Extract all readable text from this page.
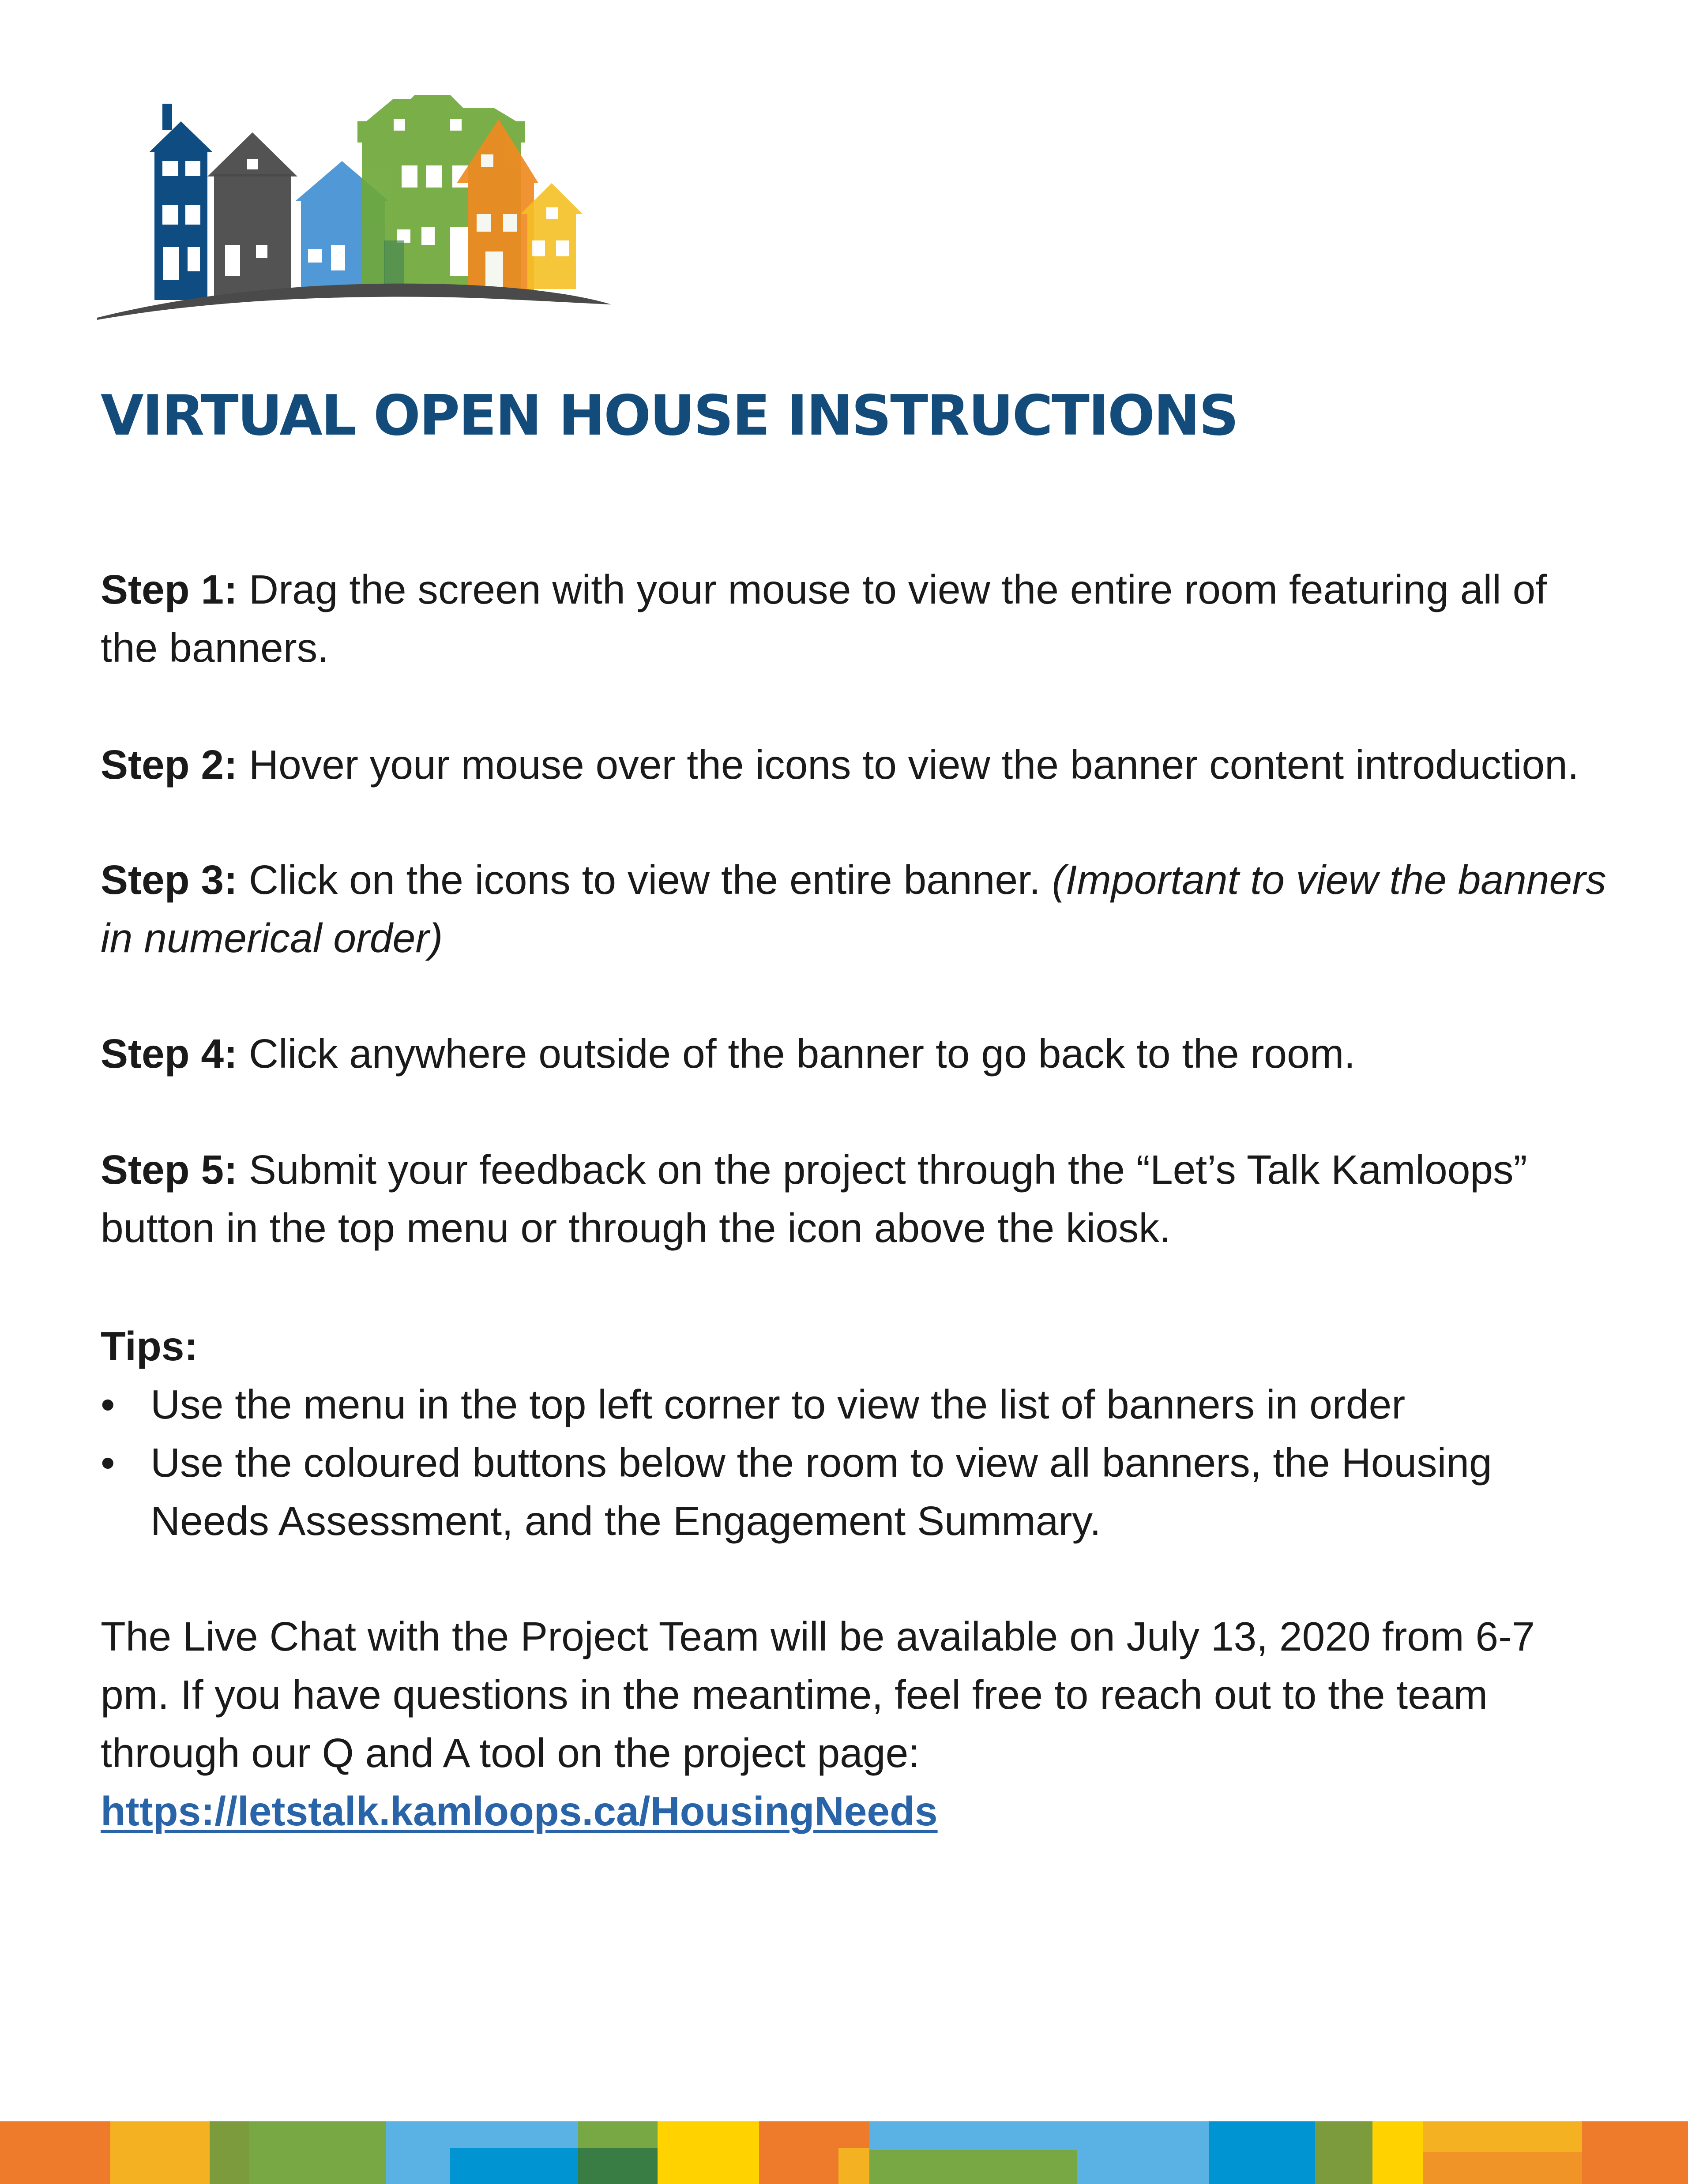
VIRTUAL OPEN HOUSE INSTRUCTIONS

Step 1: Drag the screen with your mouse to view the entire room featuring all of the banners.

Step 2: Hover your mouse over the icons to view the banner content introduction.

Step 3: Click on the icons to view the entire banner. (Important to view the banners in numerical order)

Step 4: Click anywhere outside of the banner to go back to the room.

Step 5: Submit your feedback on the project through the “Let’s Talk Kamloops” button in the top menu or through the icon above the kiosk.

Tips:

• Use the menu in the top left corner to view the list of banners in order
• Use the coloured buttons below the room to view all banners, the Housing Needs Assessment, and the Engagement Summary.

The Live Chat with the Project Team will be available on July 13, 2020 from 6-7 pm. If you have questions in the meantime, feel free to reach out to the team through our Q and A tool on the project page: https://letstalk.kamloops.ca/HousingNeeds
